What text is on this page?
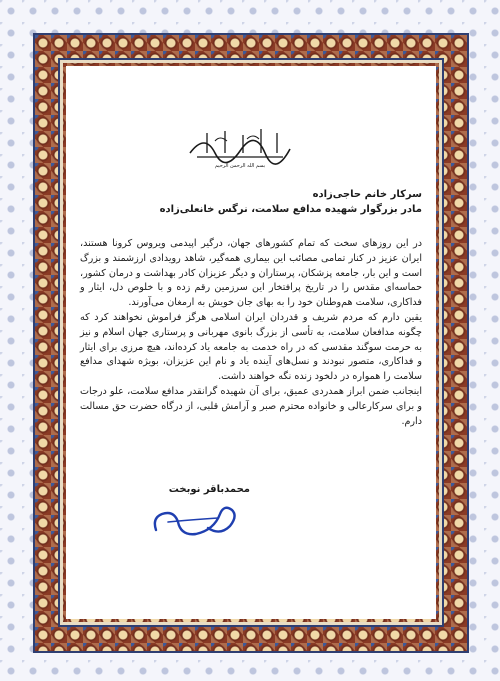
بسم الله الرحمن الرحیم

سرکار خانم حاجی‌زاده

مادر بزرگوار شهیده مدافع سلامت، نرگس خانعلی‌زاده

در این روزهای سخت که تمام کشورهای جهان، درگیر اپیدمی ویروس کرونا هستند، ایران عزیز در کنار تمامی مصائب این بیماری همه‌گیر، شاهد رویدادی ارزشمند و بزرگ است و این بار، جامعه پزشکان، پرستاران و دیگر عزیزان کادر بهداشت و درمان کشور، حماسه‌ای مقدس را در تاریخ پرافتخار این سرزمین رقم زده و با خلوص دل، ایثار و فداکاری، سلامت هم‌وطنان خود را به بهای جان خویش به ارمغان می‌آورند.

یقین دارم که مردم شریف و قدردان ایران اسلامی هرگز فراموش نخواهند کرد که چگونه مدافعان سلامت، به تأسی از بزرگ بانوی مهربانی و پرستاری جهان اسلام و نیز به حرمت سوگند مقدسی که در راه خدمت به جامعه یاد کرده‌اند، هیچ مرزی برای ایثار و فداکاری، متصور نبودند و نسل‌های آینده یاد و نام این عزیزان، بویژه شهدای مدافع سلامت را همواره در دلخود زنده نگه خواهند داشت.

اینجانب ضمن ابراز همدردی عمیق، برای آن شهیده گرانقدر مدافع سلامت، علو درجات و برای سرکارعالی و خانواده محترم صبر و آرامش قلبی، از درگاه حضرت حق مسالت دارم.

محمدباقر نوبخت
